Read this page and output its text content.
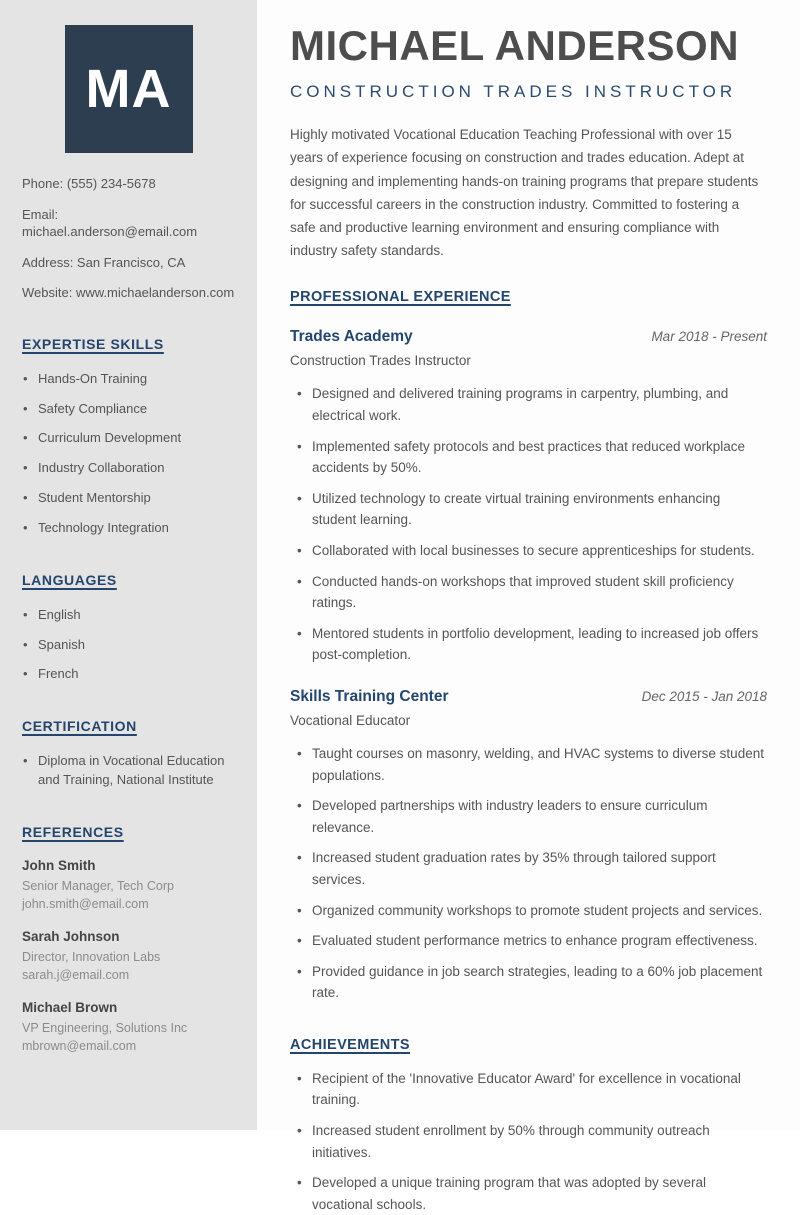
MA
Phone: (555) 234-5678
Email: michael.anderson@email.com
Address: San Francisco, CA
Website: www.michaelanderson.com
EXPERTISE SKILLS
• Hands-On Training
• Safety Compliance
• Curriculum Development
• Industry Collaboration
• Student Mentorship
• Technology Integration
LANGUAGES
• English
• Spanish
• French
CERTIFICATION
• Diploma in Vocational Education and Training, National Institute
REFERENCES
John Smith
Senior Manager, Tech Corp
john.smith@email.com
Sarah Johnson
Director, Innovation Labs
sarah.j@email.com
Michael Brown
VP Engineering, Solutions Inc
mbrown@email.com
MICHAEL ANDERSON
CONSTRUCTION TRADES INSTRUCTOR

Highly motivated Vocational Education Teaching Professional with over 15 years of experience focusing on construction and trades education. Adept at designing and implementing hands-on training programs that prepare students for successful careers in the construction industry. Committed to fostering a safe and productive learning environment and ensuring compliance with industry safety standards.

PROFESSIONAL EXPERIENCE
Trades Academy	Mar 2018 - Present
Construction Trades Instructor
• Designed and delivered training programs in carpentry, plumbing, and electrical work.
• Implemented safety protocols and best practices that reduced workplace accidents by 50%.
• Utilized technology to create virtual training environments enhancing student learning.
• Collaborated with local businesses to secure apprenticeships for students.
• Conducted hands-on workshops that improved student skill proficiency ratings.
• Mentored students in portfolio development, leading to increased job offers post-completion.
Skills Training Center	Dec 2015 - Jan 2018
Vocational Educator
• Taught courses on masonry, welding, and HVAC systems to diverse student populations.
• Developed partnerships with industry leaders to ensure curriculum relevance.
• Increased student graduation rates by 35% through tailored support services.
• Organized community workshops to promote student projects and services.
• Evaluated student performance metrics to enhance program effectiveness.
• Provided guidance in job search strategies, leading to a 60% job placement rate.
ACHIEVEMENTS
• Recipient of the 'Innovative Educator Award' for excellence in vocational training.
• Increased student enrollment by 50% through community outreach initiatives.
• Developed a unique training program that was adopted by several vocational schools.
